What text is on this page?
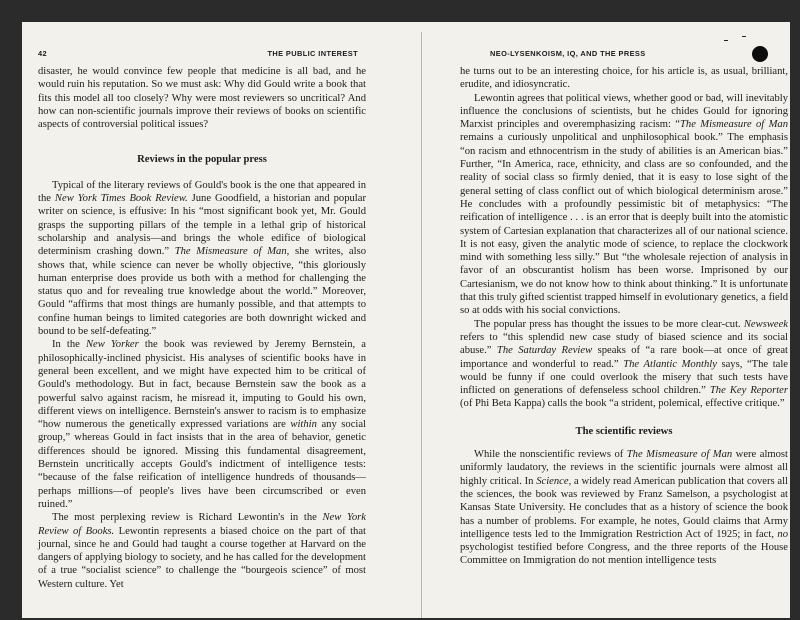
42	THE PUBLIC INTEREST

disaster, he would convince few people that medicine is all bad, and he would ruin his reputation. So we must ask: Why did Gould write a book that fits this model all too closely? Why were most reviewers so uncritical? And how can non-scientific journals improve their reviews of books on scientific aspects of controversial political issues?

Reviews in the popular press

Typical of the literary reviews of Gould's book is the one that appeared in the New York Times Book Review. June Goodfield, a historian and popular writer on science, is effusive: In his “most significant book yet, Mr. Gould grasps the supporting pillars of the temple in a lethal grip of historical scholarship and analysis—and brings the whole edifice of biological determinism crashing down.” The Mismeasure of Man, she writes, also shows that, while science can never be wholly objective, “this gloriously human enterprise does provide us both with a method for challenging the status quo and for revealing true knowledge about the world.” Moreover, Gould “affirms that most things are humanly possible, and that attempts to confine human beings to limited categories are both downright wicked and bound to be self-defeating.”

In the New Yorker the book was reviewed by Jeremy Bernstein, a philosophically-inclined physicist. His analyses of scientific books have in general been excellent, and we might have expected him to be critical of Gould's methodology. But in fact, because Bernstein saw the book as a powerful salvo against racism, he misread it, imputing to Gould his own, different views on intelligence. Bernstein's answer to racism is to emphasize “how numerous the genetically expressed variations are within any social group,” whereas Gould in fact insists that in the area of behavior, genetic differences should be ignored. Missing this fundamental disagreement, Bernstein uncritically accepts Gould's indictment of intelligence tests: “because of the false reification of intelligence hundreds of thousands—perhaps millions—of people's lives have been circumscribed or even ruined.”

The most perplexing review is Richard Lewontin's in the New York Review of Books. Lewontin represents a biased choice on the part of that journal, since he and Gould had taught a course together at Harvard on the dangers of applying biology to society, and he has called for the development of a true “socialist science” to challenge the “bourgeois science” of most Western culture. Yet

NEO-LYSENKOISM, IQ, AND THE PRESS

he turns out to be an interesting choice, for his article is, as usual, brilliant, erudite, and idiosyncratic.

Lewontin agrees that political views, whether good or bad, will inevitably influence the conclusions of scientists, but he chides Gould for ignoring Marxist principles and overemphasizing racism: “The Mismeasure of Man remains a curiously unpolitical and unphilosophical book.” The emphasis “on racism and ethnocentrism in the study of abilities is an American bias.” Further, “In America, race, ethnicity, and class are so confounded, and the reality of social class so firmly denied, that it is easy to lose sight of the general setting of class conflict out of which biological determinism arose.” He concludes with a profoundly pessimistic bit of metaphysics: “The reification of intelligence . . . is an error that is deeply built into the atomistic system of Cartesian explanation that characterizes all of our national science. It is not easy, given the analytic mode of science, to replace the clockwork mind with something less silly.” But “the wholesale rejection of analysis in favor of an obscurantist holism has been worse. Imprisoned by our Cartesianism, we do not know how to think about thinking.” It is unfortunate that this truly gifted scientist trapped himself in evolutionary genetics, a field so at odds with his social convictions.

The popular press has thought the issues to be more clear-cut. Newsweek refers to “this splendid new case study of biased science and its social abuse.” The Saturday Review speaks of “a rare book—at once of great importance and wonderful to read.” The Atlantic Monthly says, “The tale would be funny if one could overlook the misery that such tests have inflicted on generations of defenseless school children.” The Key Reporter (of Phi Beta Kappa) calls the book “a strident, polemical, effective critique.”

The scientific reviews

While the nonscientific reviews of The Mismeasure of Man were almost uniformly laudatory, the reviews in the scientific journals were almost all highly critical. In Science, a widely read American publication that covers all the sciences, the book was reviewed by Franz Samelson, a psychologist at Kansas State University. He concludes that as a history of science the book has a number of problems. For example, he notes, Gould claims that Army intelligence tests led to the Immigration Restriction Act of 1925; in fact, no psychologist testified before Congress, and the three reports of the House Committee on Immigration do not mention intelligence tests
